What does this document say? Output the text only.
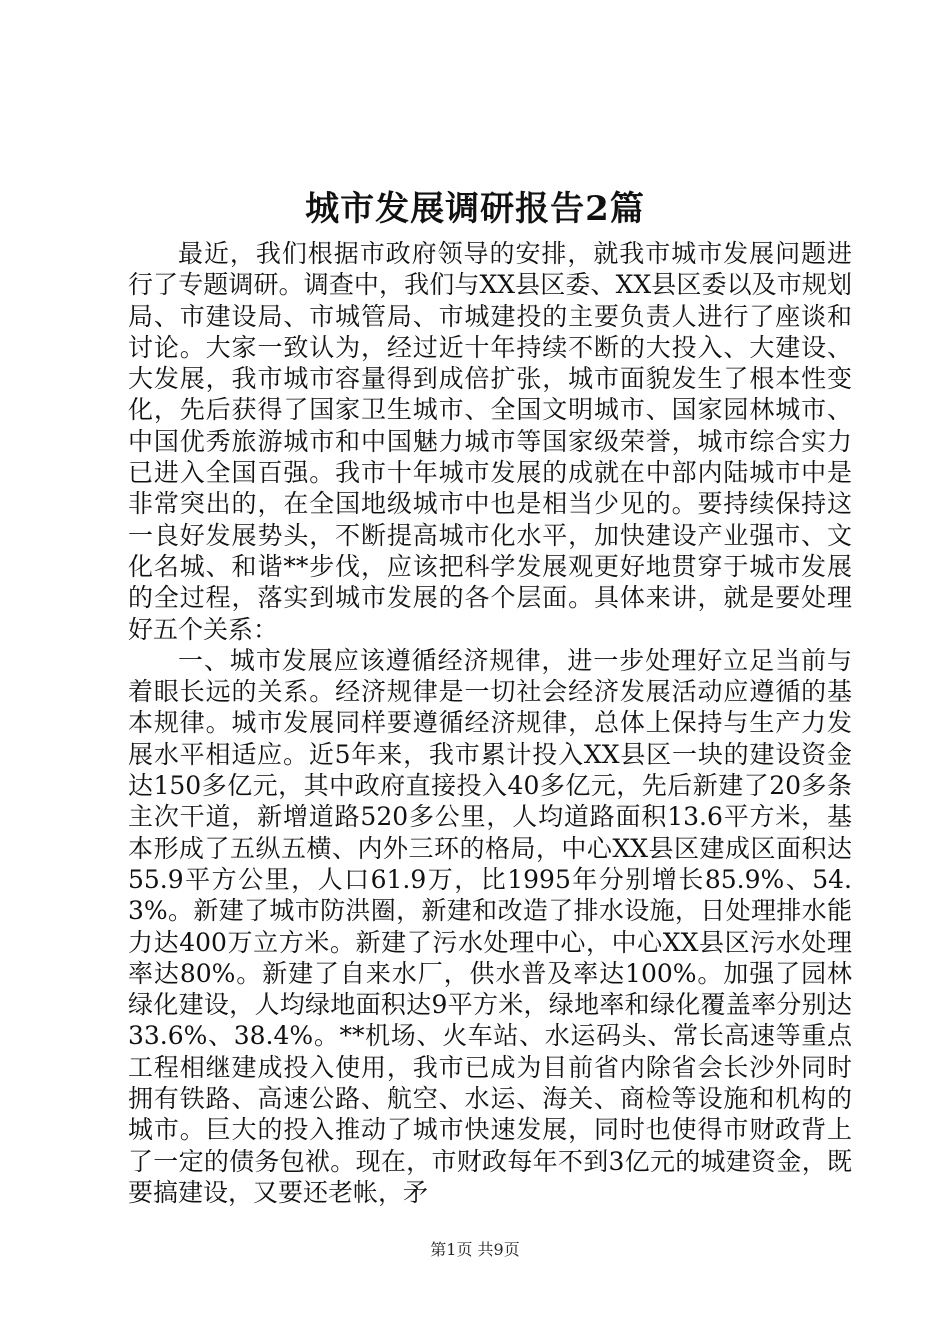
城市发展调研报告2篇

最近，我们根据市政府领导的安排，就我市城市发展问题进行了专题调研。调查中，我们与XX县区委、XX县区委以及市规划局、市建设局、市城管局、市城建投的主要负责人进行了座谈和讨论。大家一致认为，经过近十年持续不断的大投入、大建设、大发展，我市城市容量得到成倍扩张，城市面貌发生了根本性变化，先后获得了国家卫生城市、全国文明城市、国家园林城市、中国优秀旅游城市和中国魅力城市等国家级荣誉，城市综合实力已进入全国百强。我市十年城市发展的成就在中部内陆城市中是非常突出的，在全国地级城市中也是相当少见的。要持续保持这一良好发展势头，不断提高城市化水平，加快建设产业强市、文化名城、和谐**步伐，应该把科学发展观更好地贯穿于城市发展的全过程，落实到城市发展的各个层面。具体来讲，就是要处理好五个关系：

一、城市发展应该遵循经济规律，进一步处理好立足当前与着眼长远的关系。经济规律是一切社会经济发展活动应遵循的基本规律。城市发展同样要遵循经济规律，总体上保持与生产力发展水平相适应。近5年来，我市累计投入XX县区一块的建设资金达150多亿元，其中政府直接投入40多亿元，先后新建了20多条主次干道，新增道路520多公里，人均道路面积13.6平方米，基本形成了五纵五横、内外三环的格局，中心XX县区建成区面积达55.9平方公里，人口61.9万，比1995年分别增长85.9%、54.3%。新建了城市防洪圈，新建和改造了排水设施，日处理排水能力达400万立方米。新建了污水处理中心，中心XX县区污水处理率达80%。新建了自来水厂，供水普及率达100%。加强了园林绿化建设，人均绿地面积达9平方米，绿地率和绿化覆盖率分别达33.6%、38.4%。**机场、火车站、水运码头、常长高速等重点工程相继建成投入使用，我市已成为目前省内除省会长沙外同时拥有铁路、高速公路、航空、水运、海关、商检等设施和机构的城市。巨大的投入推动了城市快速发展，同时也使得市财政背上了一定的债务包袱。现在，市财政每年不到3亿元的城建资金，既要搞建设，又要还老帐，矛

第1页 共9页
